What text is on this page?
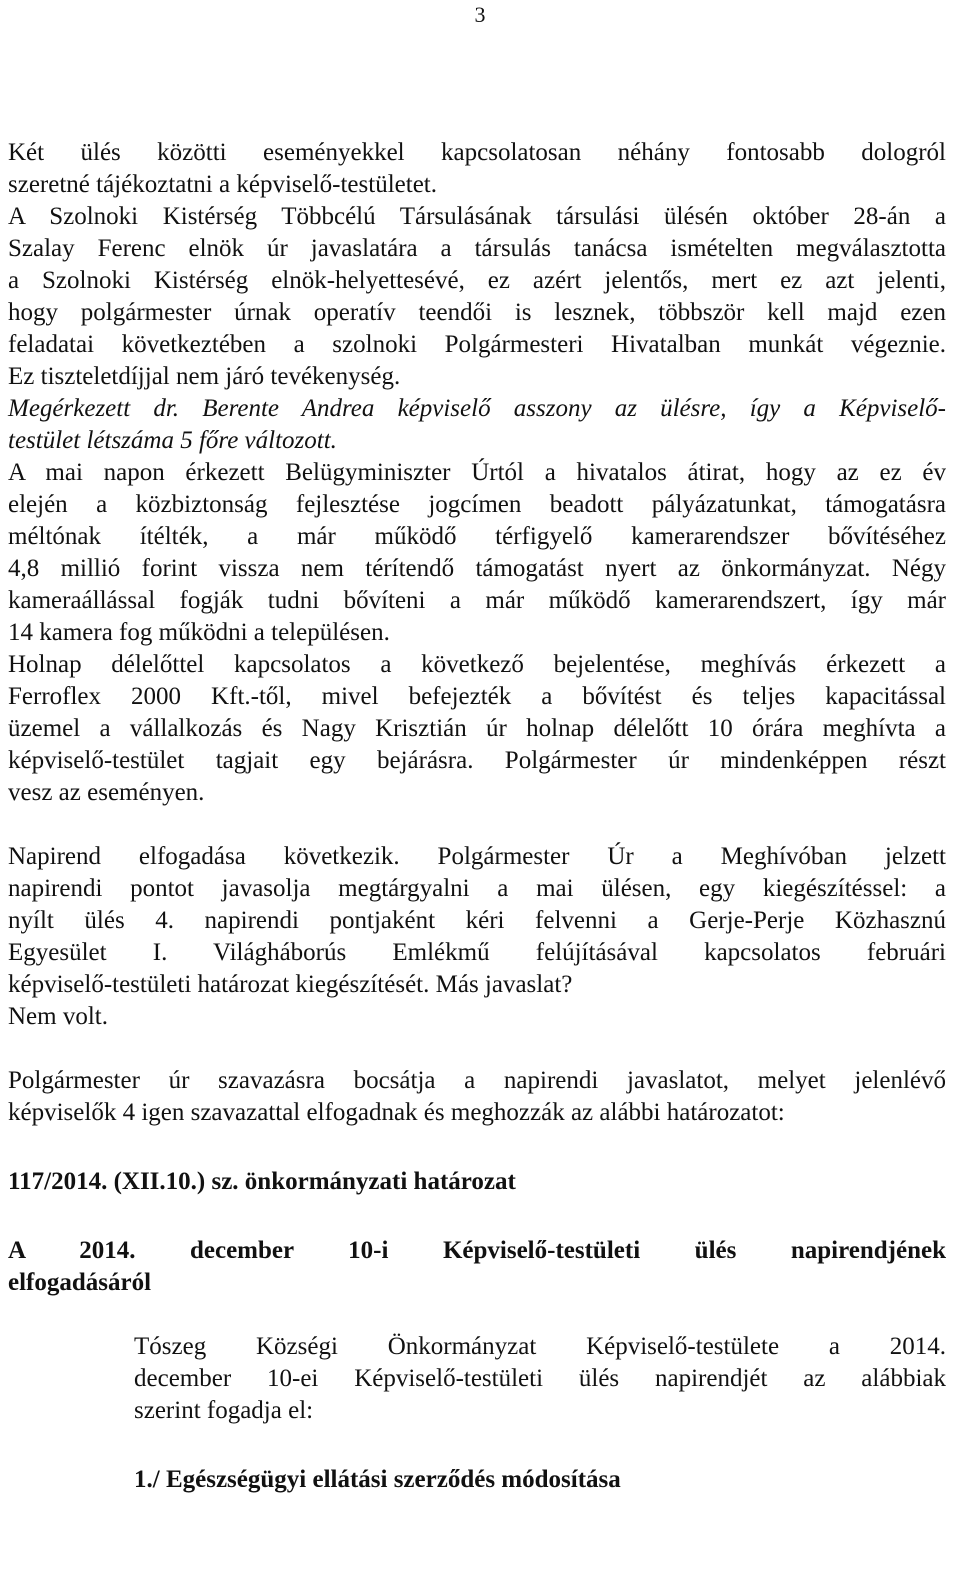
3
Két ülés közötti eseményekkel kapcsolatosan néhány fontosabb dologról
szeretné tájékoztatni a képviselő-testületet.
A Szolnoki Kistérség Többcélú Társulásának társulási ülésén október 28-án a
Szalay Ferenc elnök úr javaslatára a társulás tanácsa ismételten megválasztotta
a Szolnoki Kistérség elnök-helyettesévé, ez azért jelentős, mert ez azt jelenti,
hogy polgármester úrnak operatív teendői is lesznek, többször kell majd ezen
feladatai következtében a szolnoki Polgármesteri Hivatalban munkát végeznie.
Ez tiszteletdíjjal nem járó tevékenység.
Megérkezett dr. Berente Andrea képviselő asszony az ülésre, így a Képviselő-
testület létszáma 5 főre változott.
A mai napon érkezett Belügyminiszter Úrtól a hivatalos átirat, hogy az ez év
elején a közbiztonság fejlesztése jogcímen beadott pályázatunkat, támogatásra
méltónak ítélték, a már működő térfigyelő kamerarendszer bővítéséhez
4,8 millió forint vissza nem térítendő támogatást nyert az önkormányzat. Négy
kameraállással fogják tudni bővíteni a már működő kamerarendszert, így már
14 kamera fog működni a településen.
Holnap délelőttel kapcsolatos a következő bejelentése, meghívás érkezett a
Ferroflex 2000 Kft.-től, mivel befejezték a bővítést és teljes kapacitással
üzemel a vállalkozás és Nagy Krisztián úr holnap délelőtt 10 órára meghívta a
képviselő-testület tagjait egy bejárásra. Polgármester úr mindenképpen részt
vesz az eseményen.
Napirend elfogadása következik. Polgármester Úr a Meghívóban jelzett
napirendi pontot javasolja megtárgyalni a mai ülésen, egy kiegészítéssel: a
nyílt ülés 4. napirendi pontjaként kéri felvenni a Gerje-Perje Közhasznú
Egyesület I. Világháborús Emlékmű felújításával kapcsolatos februári
képviselő-testületi határozat kiegészítését. Más javaslat?
Nem volt.
Polgármester úr szavazásra bocsátja a napirendi javaslatot, melyet jelenlévő
képviselők 4 igen szavazattal elfogadnak és meghozzák az alábbi határozatot:
117/2014. (XII.10.) sz. önkormányzati határozat
A 2014. december 10-i Képviselő-testületi ülés napirendjének
elfogadásáról
Tószeg Községi Önkormányzat Képviselő-testülete a 2014.
december 10-ei Képviselő-testületi ülés napirendjét az alábbiak
szerint fogadja el:
1./ Egészségügyi ellátási szerződés módosítása
